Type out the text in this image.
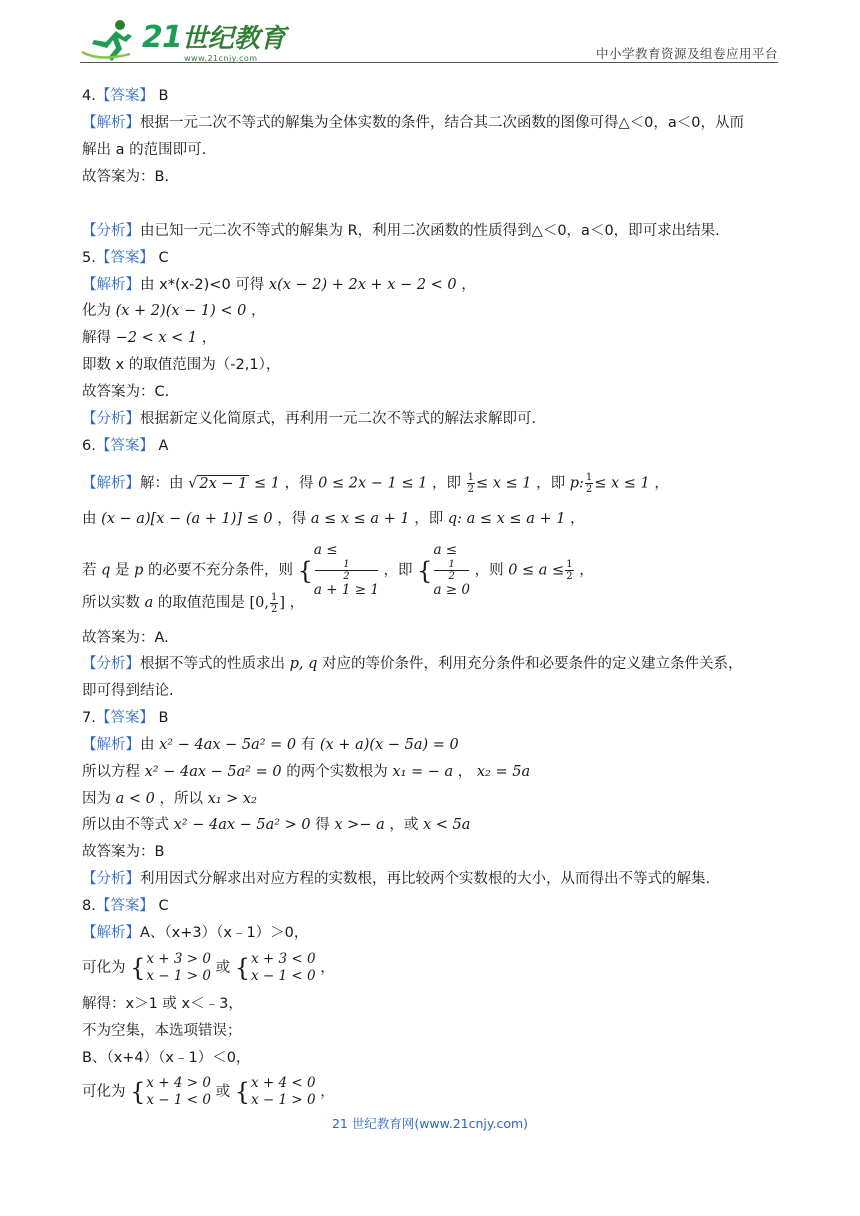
21世纪教育
www.21cnjy.com	中小学教育资源及组卷应用平台
4.【答案】 B
【解析】根据一元二次不等式的解集为全体实数的条件，结合其二次函数的图像可得△＜0，a＜0，从而
解出 a 的范围即可.
故答案为：B.
【分析】由已知一元二次不等式的解集为 R，利用二次函数的性质得到△＜0，a＜0，即可求出结果.
5.【答案】 C
【解析】由 x*(x-2)<0 可得 x(x − 2) + 2x + x − 2 < 0 ，
化为 (x + 2)(x − 1) < 0 ，
解得 −2 < x < 1 ，
即数 x 的取值范围为（-2,1），
故答案为：C.
【分析】根据新定义化简原式，再利用一元二次不等式的解法求解即可.
6.【答案】 A
【解析】解：由 √ 2x − 1 ≤ 1 ，得 0 ≤ 2x − 1 ≤ 1 ，即 $\frac{1}{2} \le x \le 1$ ，即 p: $\frac{1}{2} \le x \le 1$ ，
由 (x − a)[x − (a + 1)] ≤ 0 ，得 a ≤ x ≤ a + 1 ，即 q: a ≤ x ≤ a + 1 ，
若 q 是 p 的必要不充分条件，则 {
a ≤
1
2
a + 1 ≥ 1
，即 {
a ≤
1
2
a ≥ 0
，则 $0 \le a \le \frac{1}{2}$ ，
所以实数 a 的取值范围是 [0, $\frac{1}{2}$ ] ，
故答案为：A.
【分析】根据不等式的性质求出 p, q 对应的等价条件，利用充分条件和必要条件的定义建立条件关系，
即可得到结论.
7.【答案】 B
【解析】由 x² − 4ax − 5a² = 0 有 (x + a)(x − 5a) = 0
所以方程 x² − 4ax − 5a² = 0 的两个实数根为 x₁ = − a ， x₂ = 5a
因为 a < 0 ，所以 x₁ > x₂
所以由不等式 x² − 4ax − 5a² > 0 得 x >− a ，或 x < 5a
故答案为：B
【分析】利用因式分解求出对应方程的实数根，再比较两个实数根的大小，从而得出不等式的解集.
8.【答案】 C
【解析】A、（x+3）（x﹣1）＞0，
可化为 { x + 3 > 0
x − 1 > 0 或 { x + 3 < 0
x − 1 < 0 ，
解得：x＞1 或 x＜﹣3，
不为空集，本选项错误；
B、（x+4）（x﹣1）＜0，
可化为 { x + 4 > 0
x − 1 < 0 或 { x + 4 < 0
x − 1 > 0 ，
21 世纪教育网(www.21cnjy.com)
